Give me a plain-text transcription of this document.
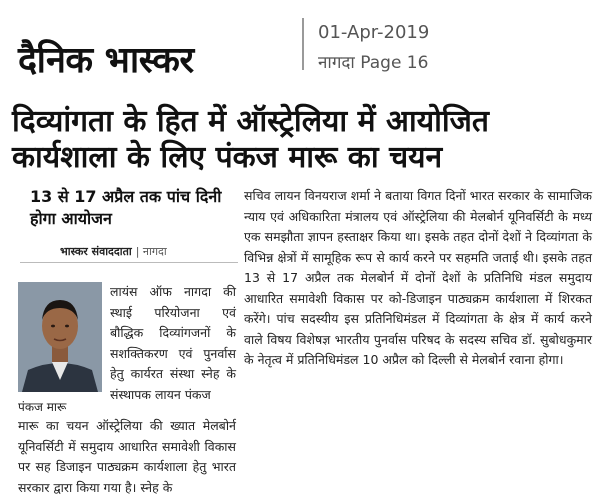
दैनिक भास्कर
01-Apr-2019
नागदा Page 16
दिव्यांगता के हित में ऑस्ट्रेलिया में आयोजित कार्यशाला के लिए पंकज मारू का चयन
13 से 17 अप्रैल तक पांच दिनी होगा आयोजन
भास्कर संवाददाता | नागदा
पंकज मारू

लायंस ऑफ नागदा की स्थाई परियोजना एवं बौद्धिक दिव्यांगजनों के सशक्तिकरण एवं पुनर्वास हेतु कार्यरत संस्था स्नेह के संस्थापक लायन पंकज

मारू का चयन ऑस्ट्रेलिया की ख्यात मेलबोर्न यूनिवर्सिटी में समुदाय आधारित समावेशी विकास पर सह डिजाइन पाठ्यक्रम कार्यशाला हेतु भारत सरकार द्वारा किया गया है। स्नेह के

सचिव लायन विनयराज शर्मा ने बताया विगत दिनों भारत सरकार के सामाजिक न्याय एवं अधिकारिता मंत्रालय एवं ऑस्ट्रेलिया की मेलबोर्न यूनिवर्सिटी के मध्य एक समझौता ज्ञापन हस्ताक्षर किया था। इसके तहत दोनों देशों ने दिव्यांगता के विभिन्न क्षेत्रों में सामूहिक रूप से कार्य करने पर सहमति जताई थी। इसके तहत 13 से 17 अप्रैल तक मेलबोर्न में दोनों देशों के प्रतिनिधि मंडल समुदाय आधारित समावेशी विकास पर को-डिजाइन पाठ्यक्रम कार्यशाला में शिरकत करेंगे। पांच सदस्यीय इस प्रतिनिधिमंडल में दिव्यांगता के क्षेत्र में कार्य करने वाले विषय विशेषज्ञ भारतीय पुनर्वास परिषद के सदस्य सचिव डॉ. सुबोधकुमार के नेतृत्व में प्रतिनिधिमंडल 10 अप्रैल को दिल्ली से मेलबोर्न रवाना होगा।
